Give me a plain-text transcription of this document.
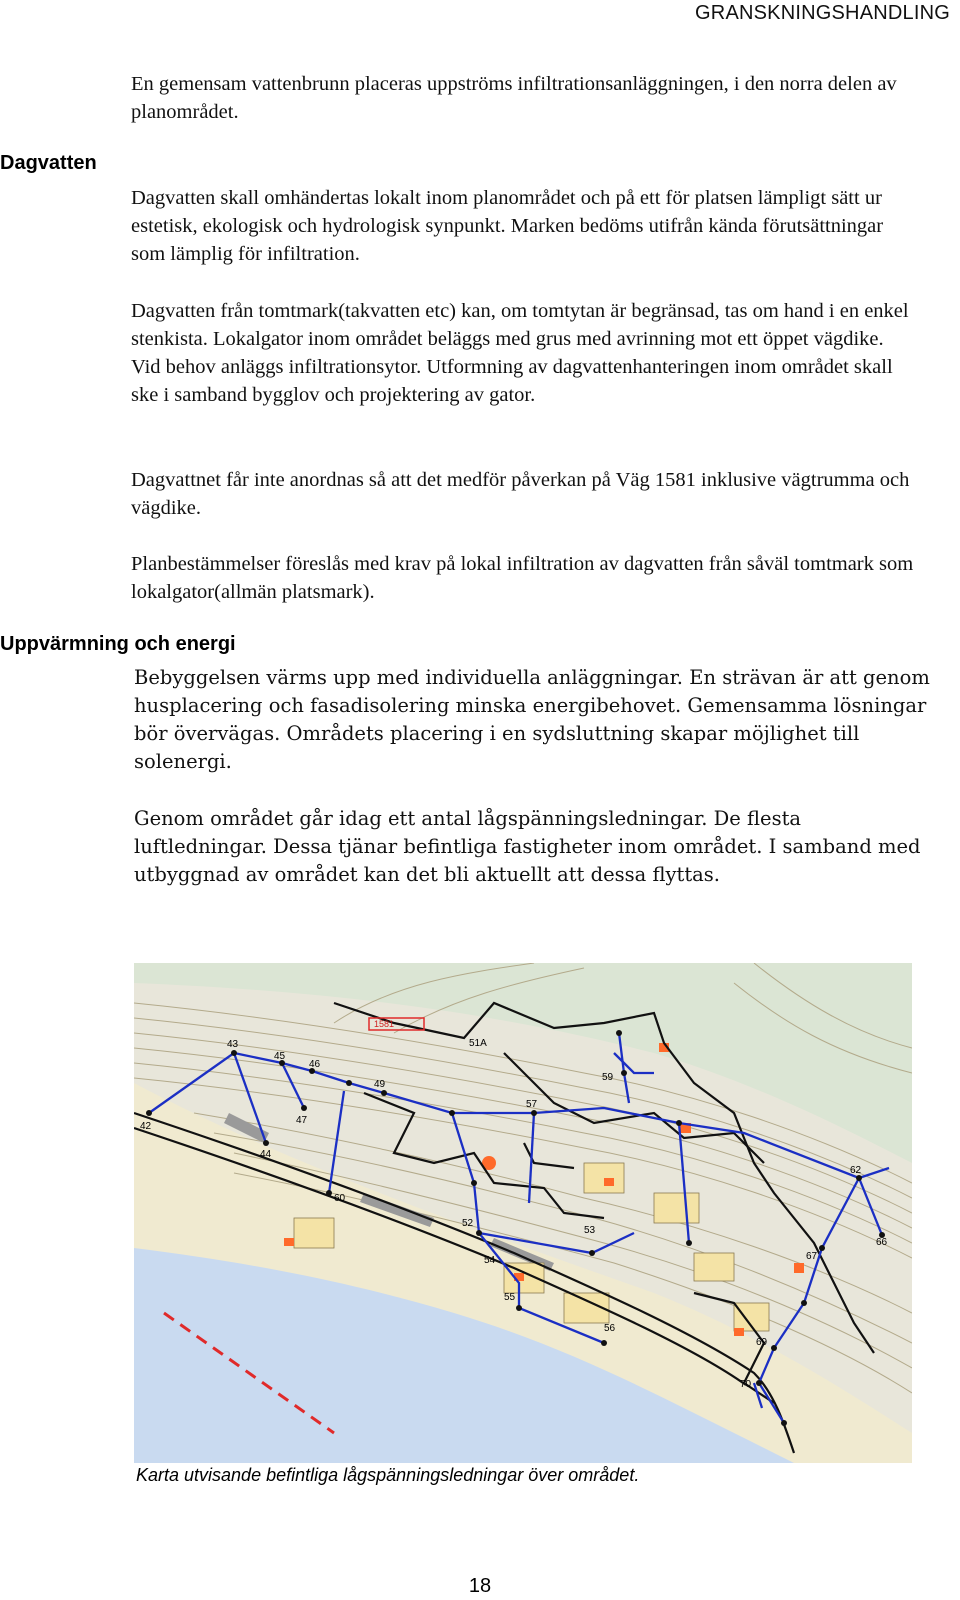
GRANSKNINGSHANDLING

En gemensam vattenbrunn placeras uppströms infiltrationsanläggningen, i den norra delen av planområdet.

Dagvatten

Dagvatten skall omhändertas lokalt inom planområdet och på ett för platsen lämpligt sätt ur estetisk, ekologisk och hydrologisk synpunkt. Marken bedöms utifrån kända förutsättningar som lämplig för infiltration.

Dagvatten från tomtmark(takvatten etc) kan, om tomtytan är begränsad, tas om hand i en enkel stenkista. Lokalgator inom området beläggs med grus med avrinning mot ett öppet vägdike. Vid behov anläggs infiltrationsytor. Utformning av dagvattenhanteringen inom området skall ske i samband bygglov och projektering av gator.

Dagvattnet får inte anordnas så att det medför påverkan på Väg 1581 inklusive vägtrumma och vägdike.

Planbestämmelser föreslås med krav på lokal infiltration av dagvatten från såväl tomtmark som lokalgator(allmän platsmark).

Uppvärmning och energi

Bebyggelsen värms upp med individuella anläggningar. En strävan är att genom husplacering och fasadisolering minska energibehovet. Gemensamma lösningar bör övervägas. Områdets placering i en sydsluttning skapar möjlighet till solenergi.

Genom området går idag ett antal lågspänningsledningar. De flesta luftledningar. Dessa tjänar befintliga fastigheter inom området. I samband med utbyggnad av området kan det bli aktuellt att dessa flyttas.

42
43
44
45
46
47
49
51A
52
53
54
55
56
57
59
60
62
66
67
69
70
1581
Karta utvisande befintliga lågspänningsledningar över området.
18
